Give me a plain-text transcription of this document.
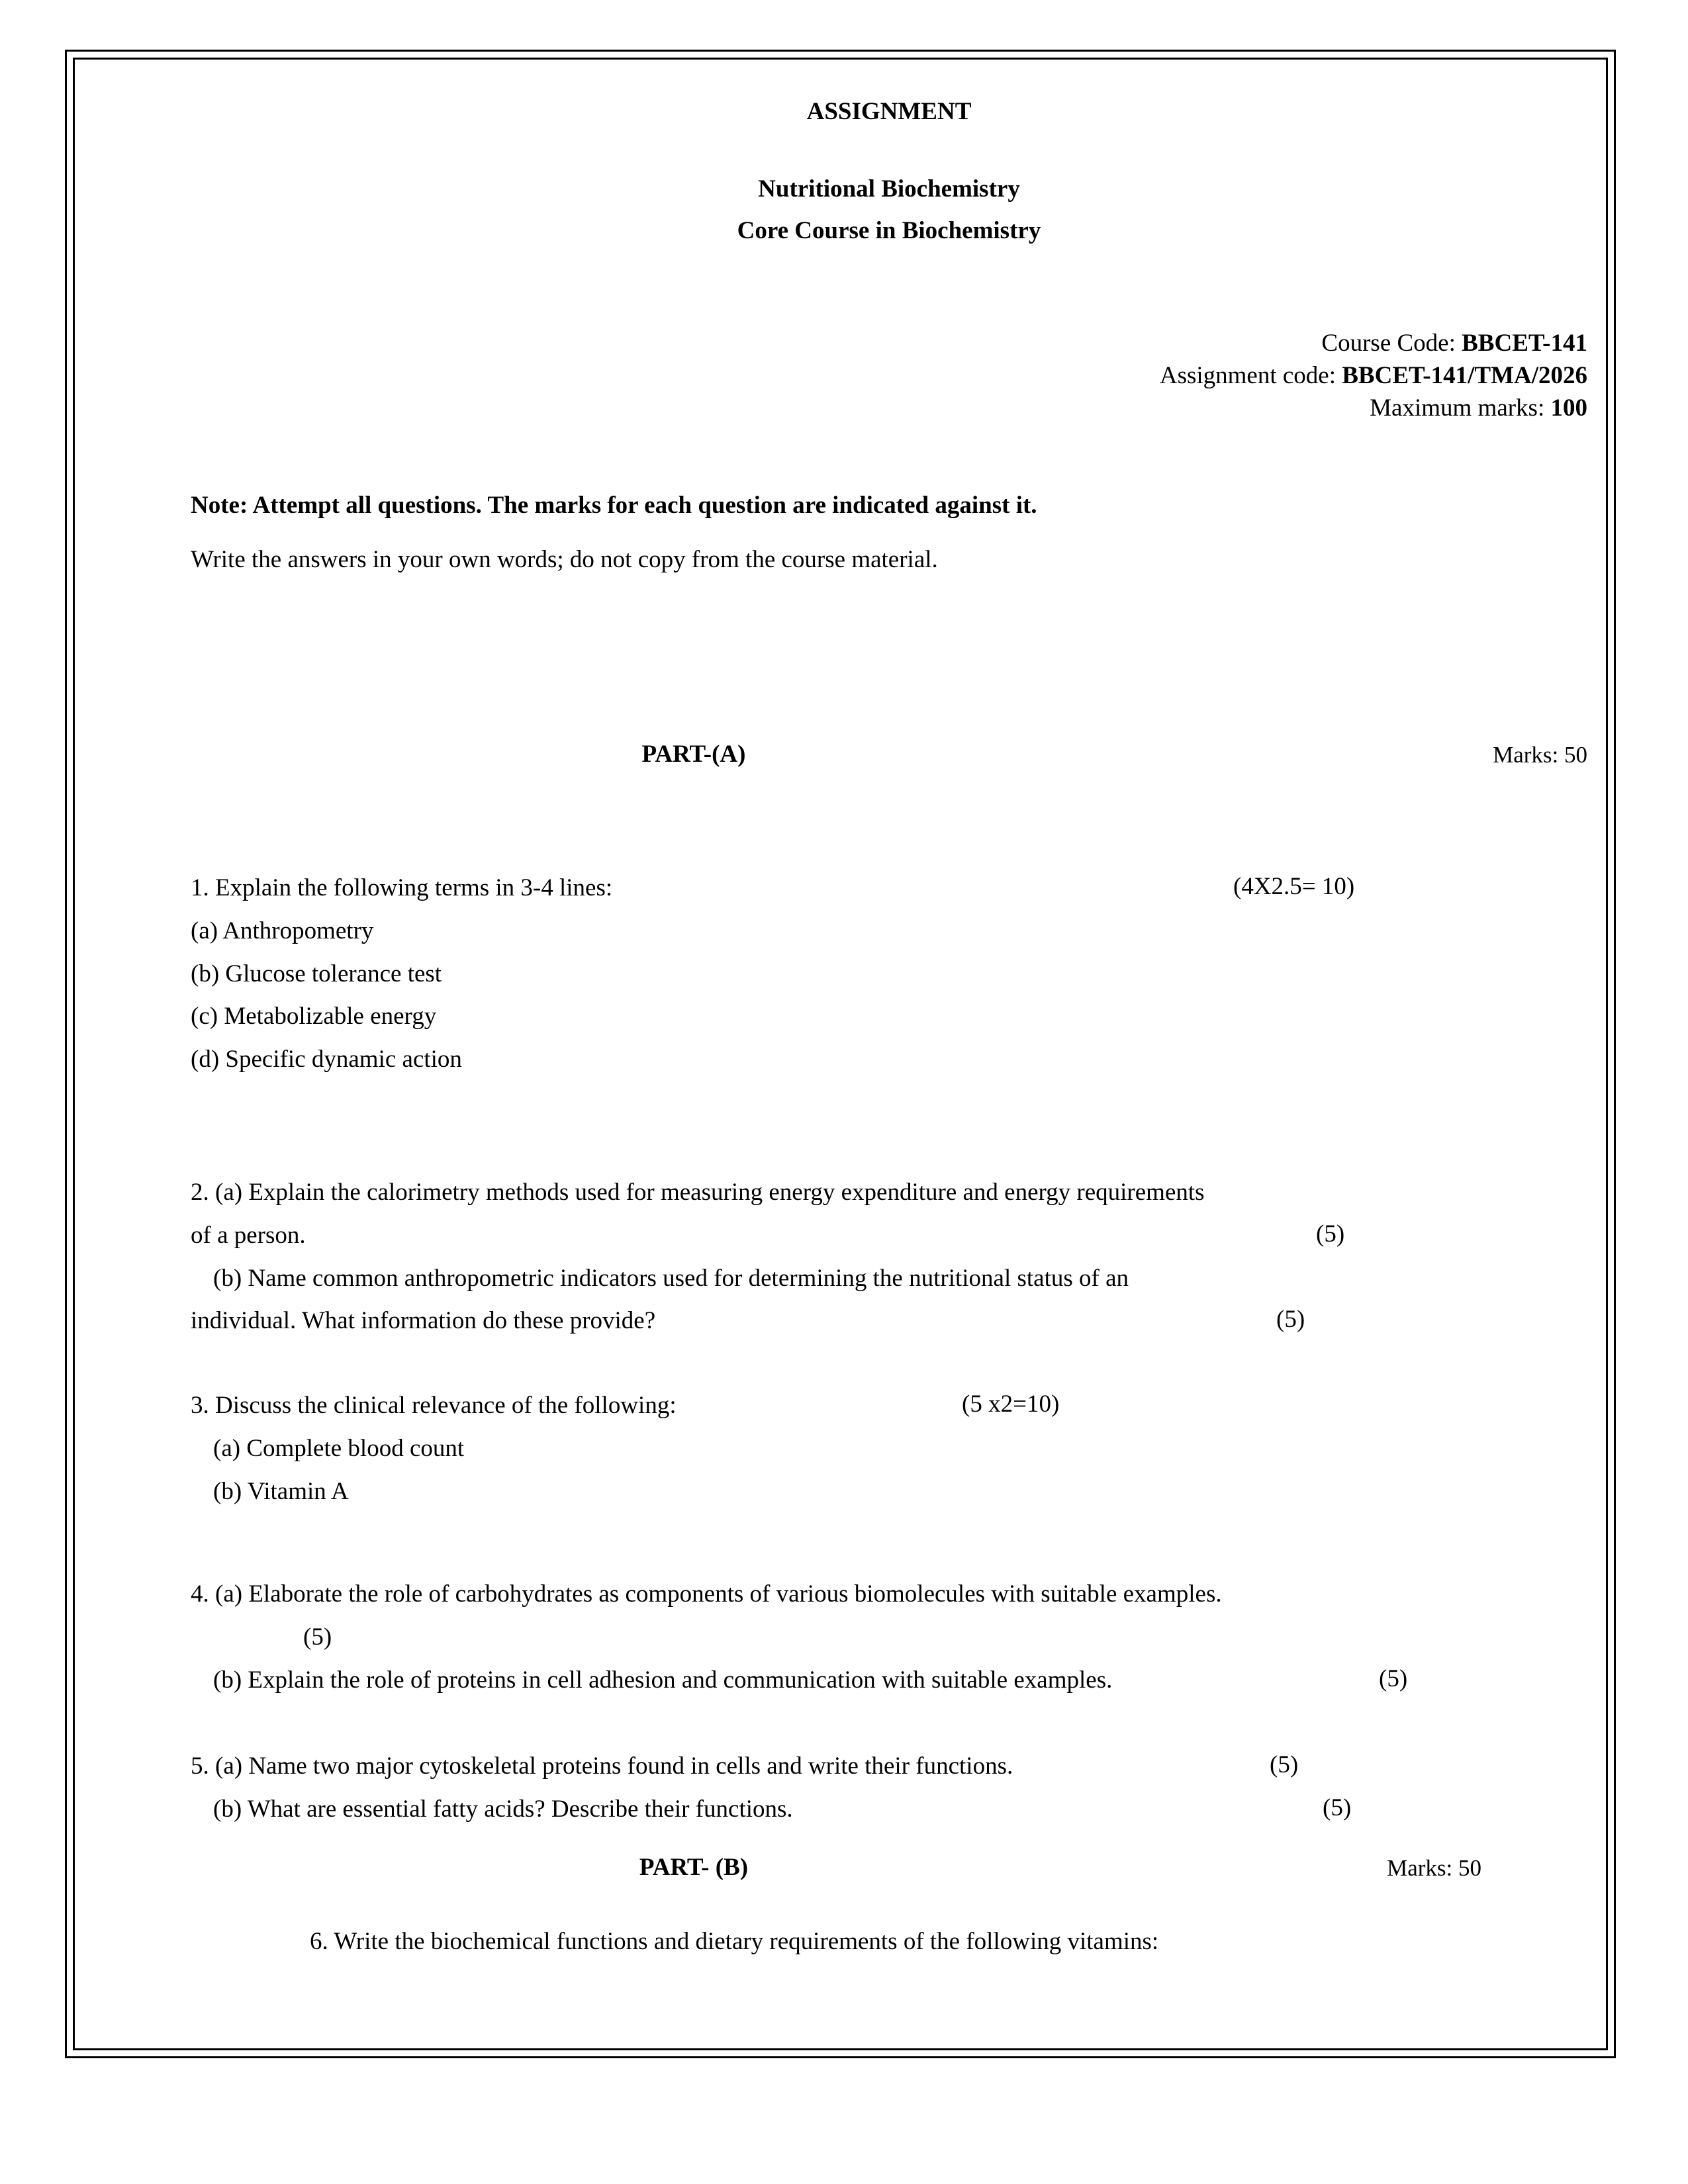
ASSIGNMENT
Nutritional Biochemistry
Core Course in Biochemistry
Course Code: BBCET-141
Assignment code: BBCET-141/TMA/2026
Maximum marks: 100
Note: Attempt all questions. The marks for each question are indicated against it.
Write the answers in your own words; do not copy from the course material.
PART-(A)	Marks: 50
1. Explain the following terms in 3-4 lines:	(4X2.5= 10)
(a) Anthropometry
(b) Glucose tolerance test
(c) Metabolizable energy
(d) Specific dynamic action
2. (a) Explain the calorimetry methods used for measuring energy expenditure and energy requirements
of a person.	(5)
(b) Name common anthropometric indicators used for determining the nutritional status of an
individual. What information do these provide?	(5)
3. Discuss the clinical relevance of the following:	(5 x2=10)
(a) Complete blood count
(b) Vitamin A
4. (a) Elaborate the role of carbohydrates as components of various biomolecules with suitable examples.
(5)
(b) Explain the role of proteins in cell adhesion and communication with suitable examples.	(5)
5. (a) Name two major cytoskeletal proteins found in cells and write their functions.	(5)
(b) What are essential fatty acids? Describe their functions.	(5)
PART- (B)	Marks: 50
6. Write the biochemical functions and dietary requirements of the following vitamins:
